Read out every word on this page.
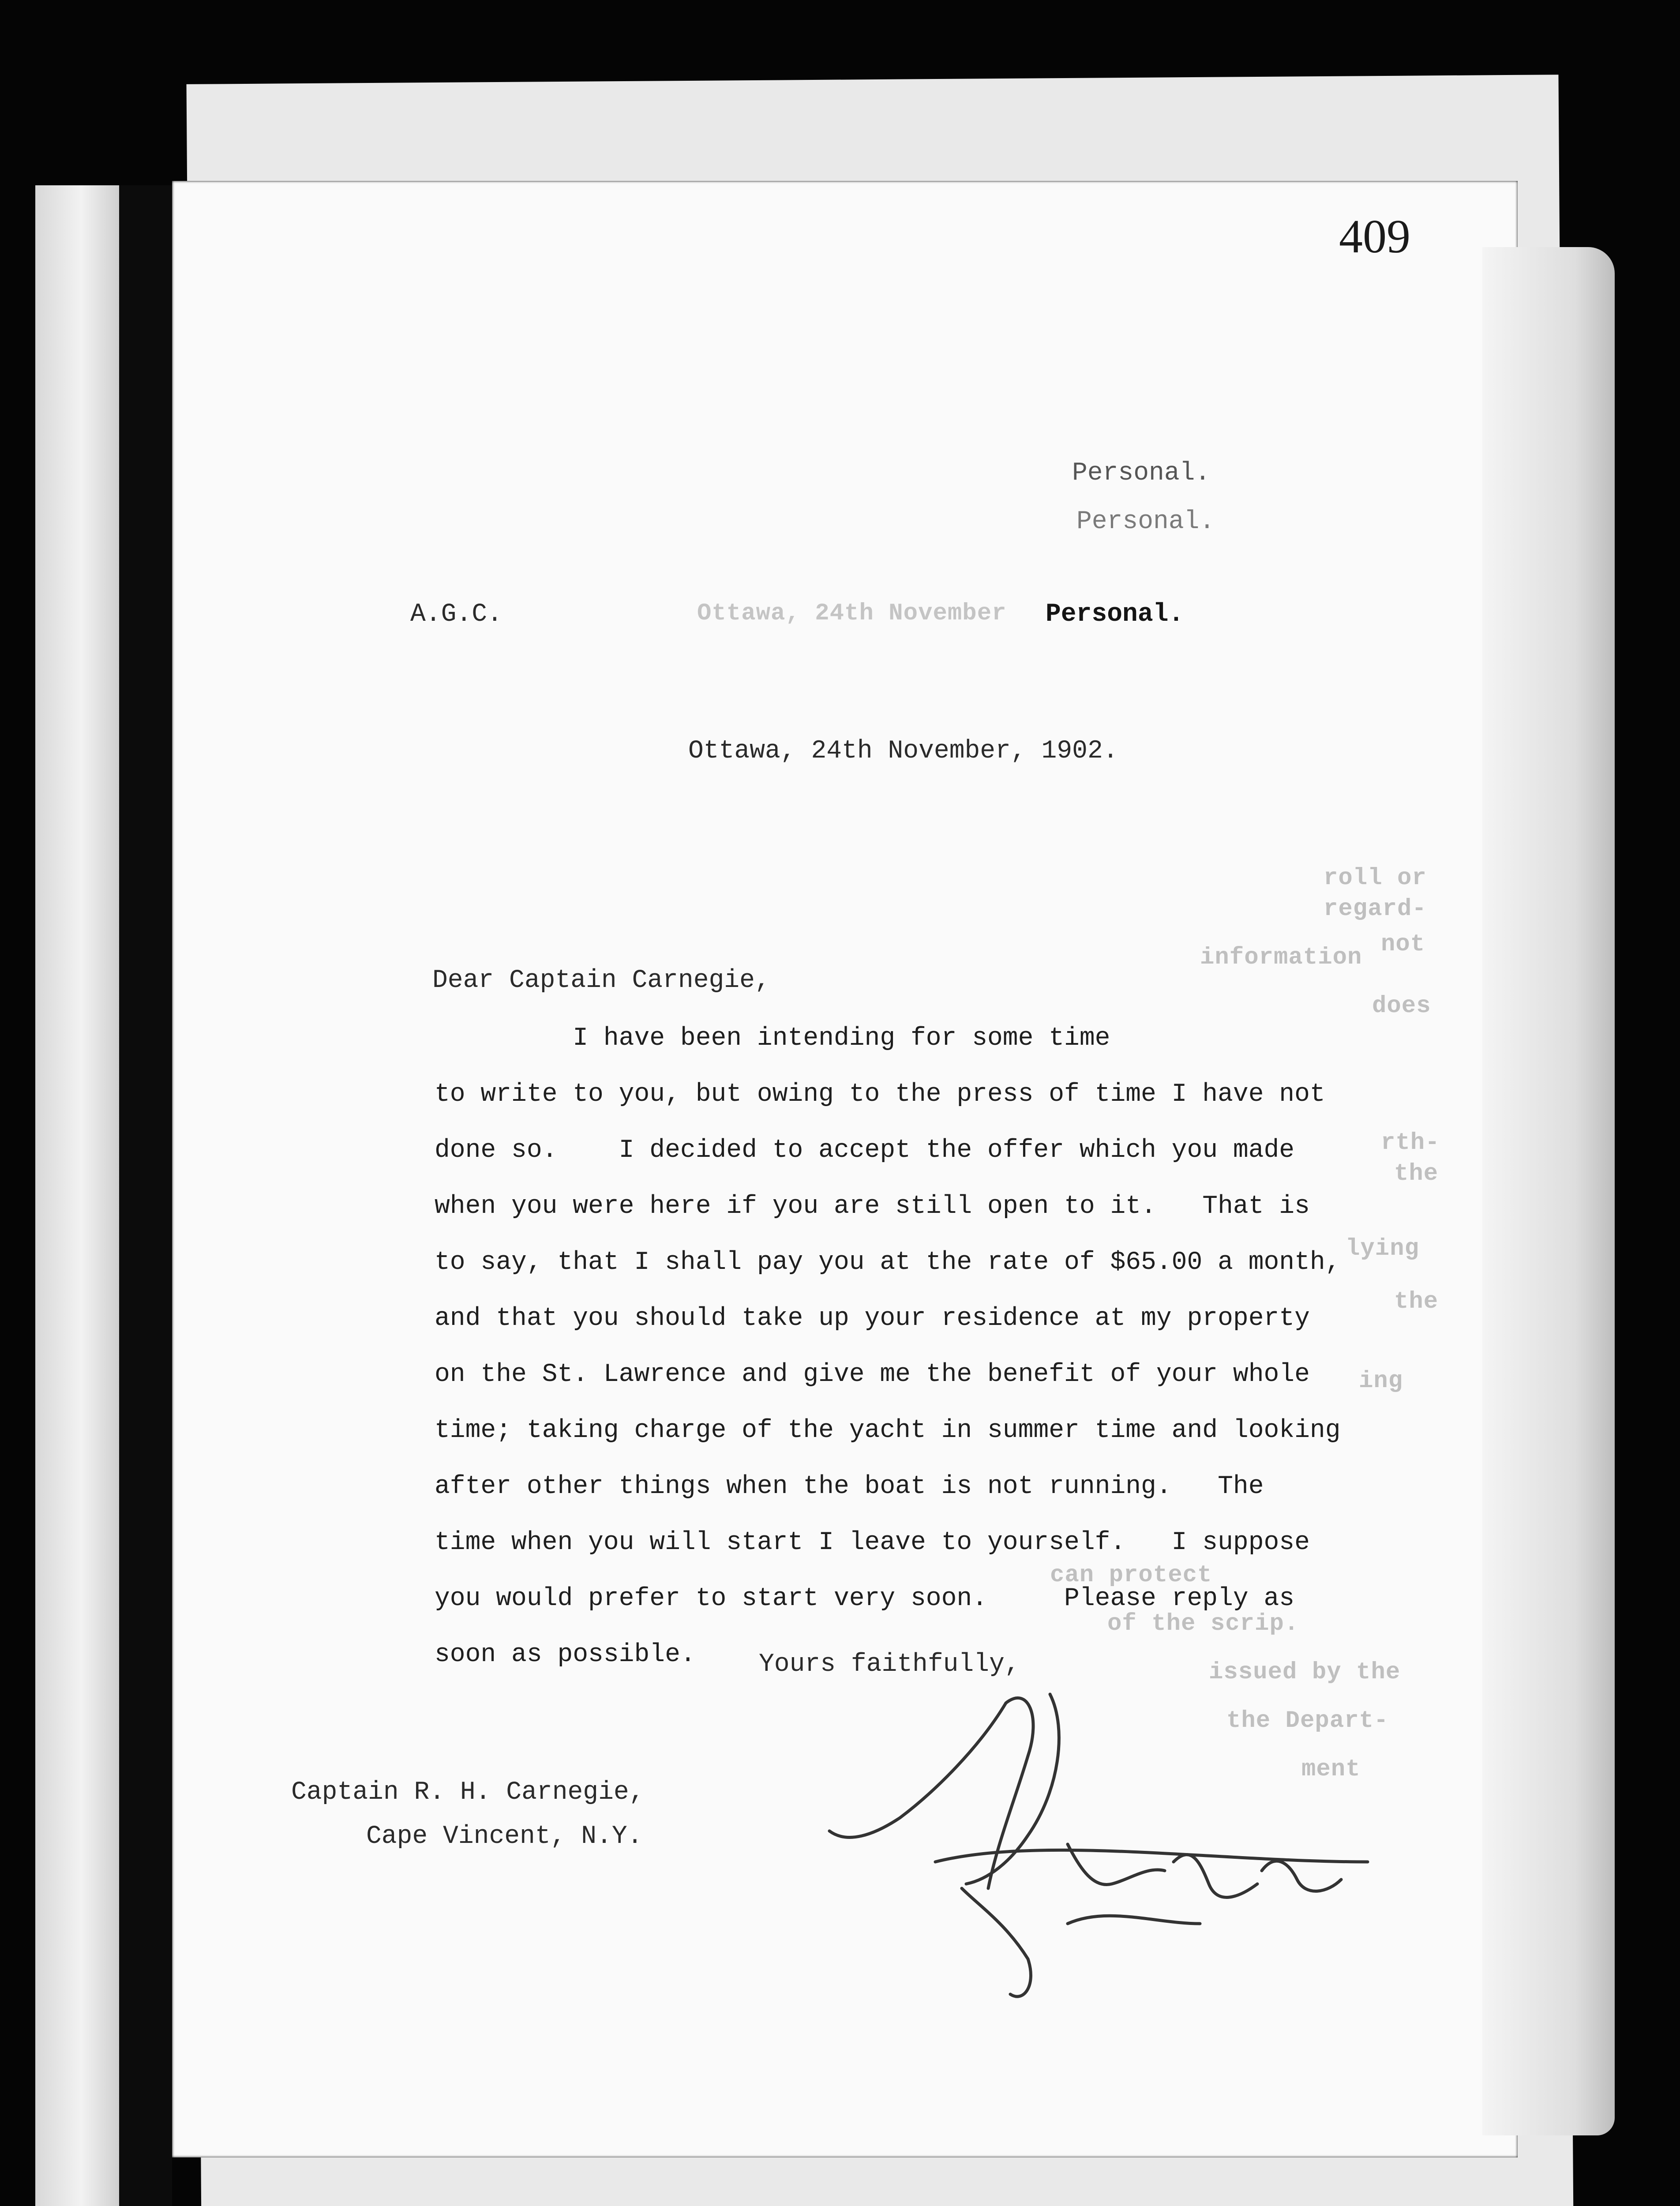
roll or
regard-
information not
does
rth-
the
lying
the
ing
can protect
of the scrip.
issued by the
the Depart-
ment
409
Personal.
Personal.
A.G.C.	Ottawa, 24th November Personal.
Ottawa, 24th November, 1902.
Dear Captain Carnegie,
I have been intending for some time
to write to you, but owing to the press of time I have not
done so.    I decided to accept the offer which you made
when you were here if you are still open to it.   That is
to say, that I shall pay you at the rate of $65.00 a month,
and that you should take up your residence at my property
on the St. Lawrence and give me the benefit of your whole
time; taking charge of the yacht in summer time and looking
after other things when the boat is not running.   The
time when you will start I leave to yourself.   I suppose
you would prefer to start very soon.     Please reply as
soon as possible.	Yours faithfully,
Captain R. H. Carnegie,
Cape Vincent, N.Y.
